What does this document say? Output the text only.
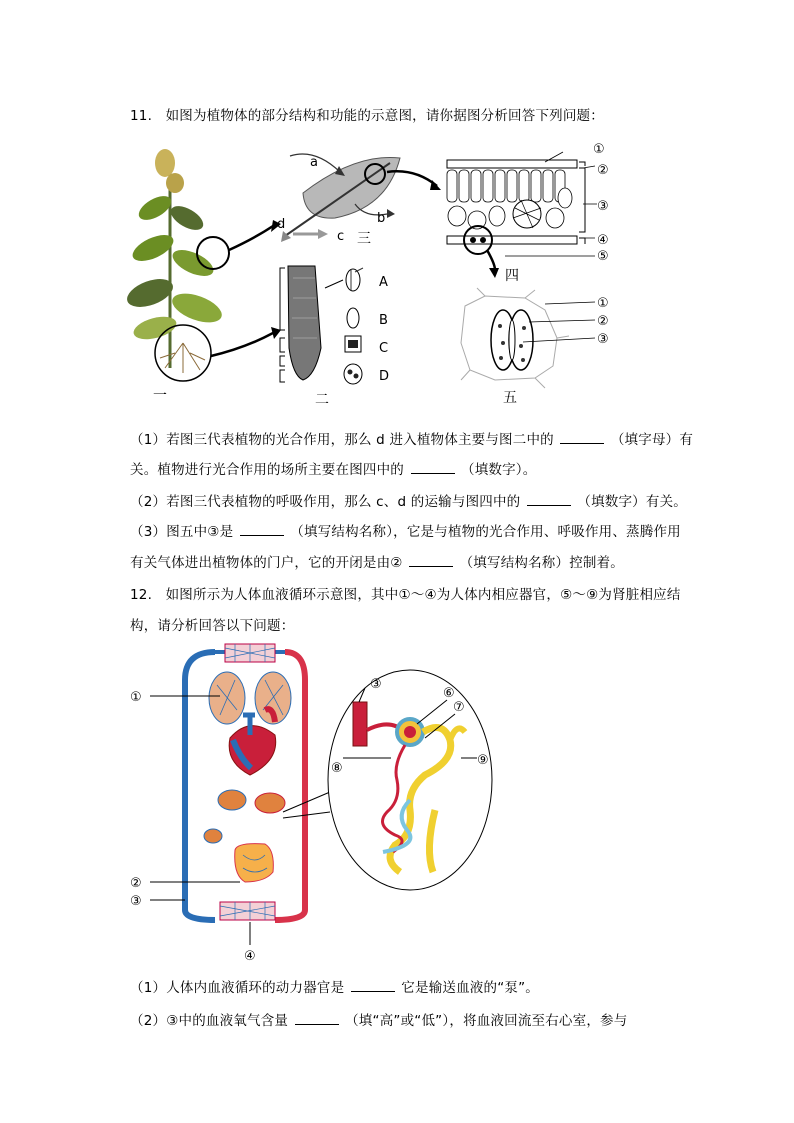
11. 如图为植物体的部分结构和功能的示意图，请你据图分析回答下列问题：
一
a
b
c
d
三
A
B
C
D
二
①
②
③
④
⑤
四
①
②
③
五
（1）若图三代表植物的光合作用，那么 d 进入植物体主要与图二中的	（填字母）有
关。植物进行光合作用的场所主要在图四中的	（填数字）。
（2）若图三代表植物的呼吸作用，那么 c、d 的运输与图四中的	（填数字）有关。
（3）图五中③是	（填写结构名称），它是与植物的光合作用、呼吸作用、蒸腾作用
有关气体进出植物体的门户，它的开闭是由②	（填写结构名称）控制着。
12. 如图所示为人体血液循环示意图，其中①～④为人体内相应器官，⑤～⑨为肾脏相应结
构，请分析回答以下问题：
①
②
③
④
③
⑥
⑦
⑧
⑨
（1）人体内血液循环的动力器官是	它是输送血液的“泵”。
（2）③中的血液氧气含量	（填“高”或“低”），将血液回流至右心室，参与
